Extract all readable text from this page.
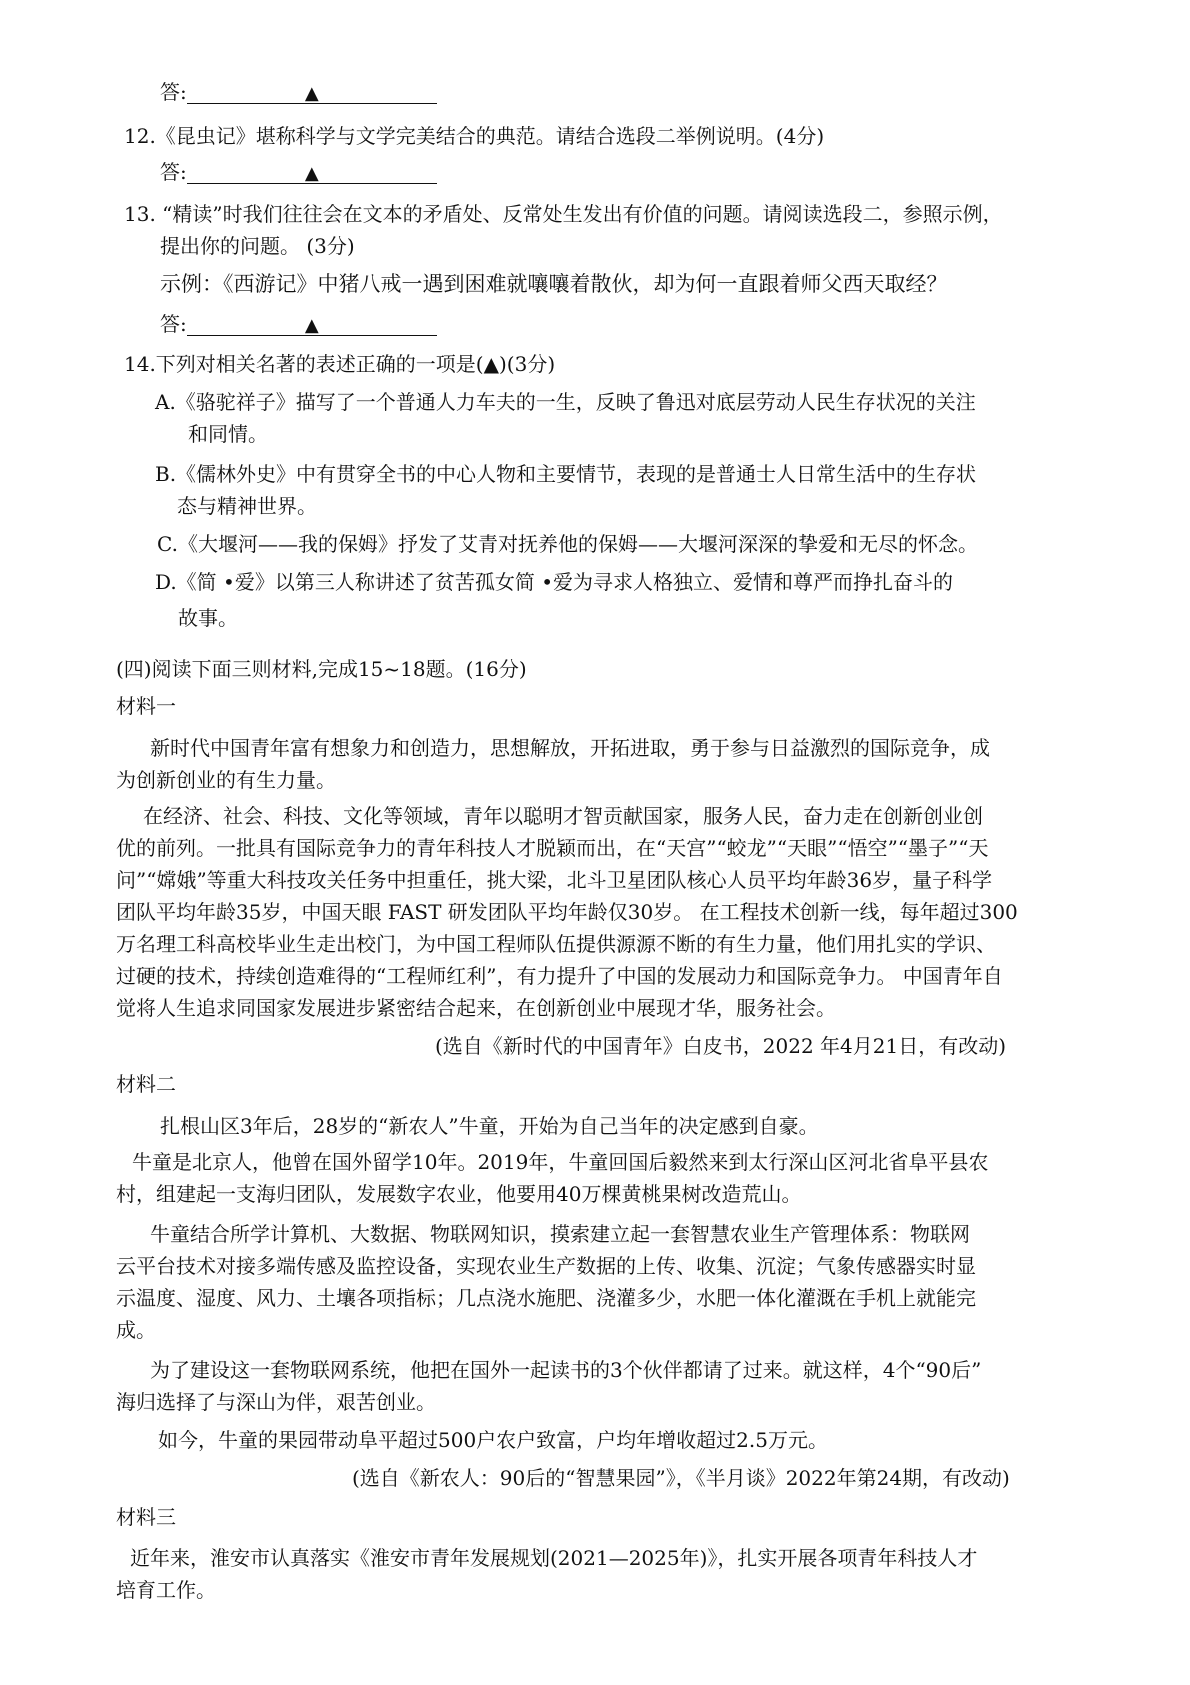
答:	▲
12.《昆虫记》堪称科学与文学完美结合的典范。请结合选段二举例说明。(4分)
答:	▲
13. “精读”时我们往往会在文本的矛盾处、反常处生发出有价值的问题。请阅读选段二，参照示例，
提出你的问题。 (3分)
示例：《西游记》中猪八戒一遇到困难就嚷嚷着散伙，却为何一直跟着师父西天取经？
答:	▲
14.下列对相关名著的表述正确的一项是(▲)(3分)
A.《骆驼祥子》描写了一个普通人力车夫的一生，反映了鲁迅对底层劳动人民生存状况的关注
和同情。
B.《儒林外史》中有贯穿全书的中心人物和主要情节，表现的是普通士人日常生活中的生存状
态与精神世界。
C.《大堰河——我的保姆》抒发了艾青对抚养他的保姆——大堰河深深的挚爱和无尽的怀念。
D.《简 •爱》以第三人称讲述了贫苦孤女简 •爱为寻求人格独立、爱情和尊严而挣扎奋斗的
故事。
(四)阅读下面三则材料,完成15~18题。(16分)
材料一
新时代中国青年富有想象力和创造力，思想解放，开拓进取，勇于参与日益激烈的国际竞争，成
为创新创业的有生力量。
在经济、社会、科技、文化等领域，青年以聪明才智贡献国家，服务人民，奋力走在创新创业创
优的前列。一批具有国际竞争力的青年科技人才脱颖而出，在“天宫”“蛟龙”“天眼”“悟空”“墨子”“天
问”“嫦娥”等重大科技攻关任务中担重任，挑大梁，北斗卫星团队核心人员平均年龄36岁，量子科学
团队平均年龄35岁，中国天眼 FAST 研发团队平均年龄仅30岁。 在工程技术创新一线，每年超过300
万名理工科高校毕业生走出校门，为中国工程师队伍提供源源不断的有生力量，他们用扎实的学识、
过硬的技术，持续创造难得的“工程师红利”，有力提升了中国的发展动力和国际竞争力。 中国青年自
觉将人生追求同国家发展进步紧密结合起来，在创新创业中展现才华，服务社会。
(选自《新时代的中国青年》白皮书，2022 年4月21日，有改动)
材料二
扎根山区3年后，28岁的“新农人”牛童，开始为自己当年的决定感到自豪。
牛童是北京人，他曾在国外留学10年。2019年，牛童回国后毅然来到太行深山区河北省阜平县农
村，组建起一支海归团队，发展数字农业，他要用40万棵黄桃果树改造荒山。
牛童结合所学计算机、大数据、物联网知识，摸索建立起一套智慧农业生产管理体系：物联网
云平台技术对接多端传感及监控设备，实现农业生产数据的上传、收集、沉淀；气象传感器实时显
示温度、湿度、风力、土壤各项指标；几点浇水施肥、浇灌多少，水肥一体化灌溉在手机上就能完
成。
为了建设这一套物联网系统，他把在国外一起读书的3个伙伴都请了过来。就这样，4个“90后”
海归选择了与深山为伴，艰苦创业。
如今，牛童的果园带动阜平超过500户农户致富，户均年增收超过2.5万元。
(选自《新农人：90后的“智慧果园”》，《半月谈》2022年第24期，有改动)
材料三
近年来，淮安市认真落实《淮安市青年发展规划(2021—2025年)》，扎实开展各项青年科技人才
培育工作。
